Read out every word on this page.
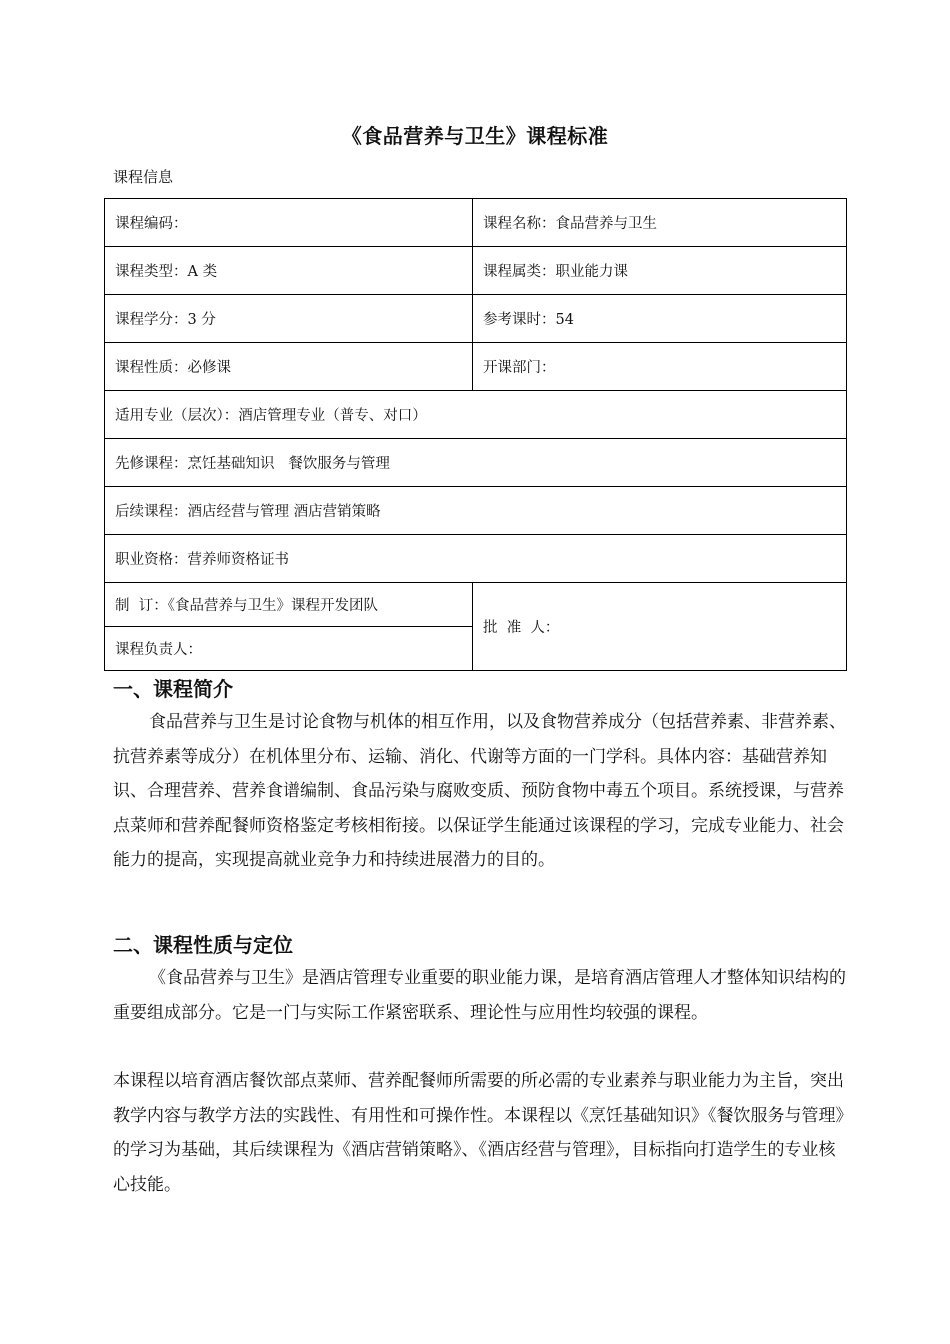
《食品营养与卫生》课程标准
课程信息
课程编码：	课程名称：食品营养与卫生
课程类型：A 类	课程属类：职业能力课
课程学分：3 分	参考课时：54
课程性质：必修课	开课部门：
适用专业（层次）：酒店管理专业（普专、对口）	
先修课程：烹饪基础知识   餐饮服务与管理	
后续课程：酒店经营与管理 酒店营销策略	
职业资格：营养师资格证书	
制  订：《食品营养与卫生》课程开发团队	批  准  人：
课程负责人：	
一、课程简介

食品营养与卫生是讨论食物与机体的相互作用，以及食物营养成分（包括营养素、非营养素、抗营养素等成分）在机体里分布、运输、消化、代谢等方面的一门学科。具体内容：基础营养知识、合理营养、营养食谱编制、食品污染与腐败变质、预防食物中毒五个项目。系统授课，与营养点菜师和营养配餐师资格鉴定考核相衔接。以保证学生能通过该课程的学习，完成专业能力、社会能力的提高，实现提高就业竞争力和持续进展潜力的目的。

二、课程性质与定位

《食品营养与卫生》是酒店管理专业重要的职业能力课，是培育酒店管理人才整体知识结构的重要组成部分。它是一门与实际工作紧密联系、理论性与应用性均较强的课程。

本课程以培育酒店餐饮部点菜师、营养配餐师所需要的所必需的专业素养与职业能力为主旨，突出教学内容与教学方法的实践性、有用性和可操作性。本课程以《烹饪基础知识》《餐饮服务与管理》的学习为基础，其后续课程为《酒店营销策略》、《酒店经营与管理》，目标指向打造学生的专业核心技能。
